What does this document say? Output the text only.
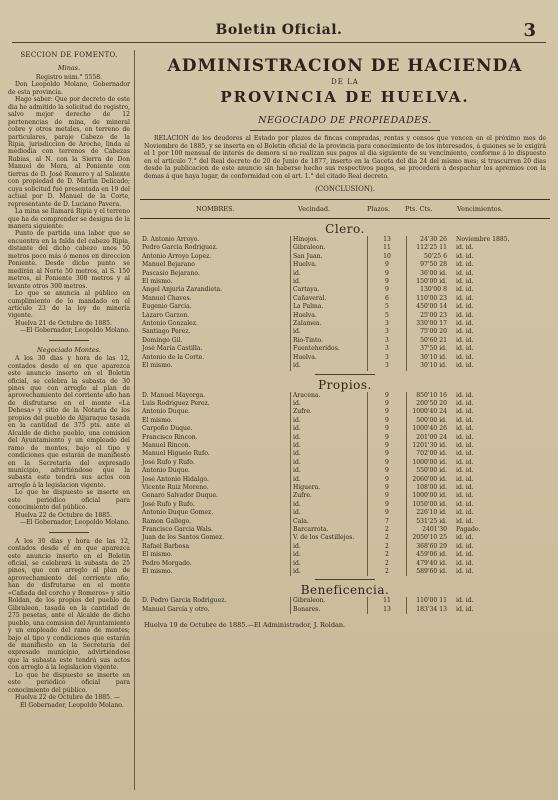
Boletin Oficial.	3
SECCION DE FOMENTO.

Minas.

Registro núm.° 5558.

Don Leopoldo Molano, Gobernador de esta provincia.

Hago saber: Que por decreto de este dia he admitido la solicitud de registro, salvo mejor derecho de 12 pertenencias de mina, de mineral cobre y otros metales, en terreno de particulares, paraje Cabezo de la Ripia, jurisdiccion de Aroche, linda al mediodia con terrenos de Cabezas Rubias, al N. con la Sierra de Don Manuel de Mora, al Poniente con tierras de D. José Romero y al Saliente con propiedad de D. Martin Delicado; cuya solicitud fué presentada en 19 del actual por D. Manuel de la Corte, representante de D. Luciano Pavera.

La mina se llamará Ripia y el terreno que ha de comprender se designa de la manera siguiente:

Punto de partida una labor que se encuentra en la falda del cabezo Ripia, distante del dicho cabezo unos 50 metros poco más ó menos en direccion Poniente. Desde dicho punto se medirán al Norte 50 metros, al S. 150 metros, al Poniente 300 metros y al levante otros 300 metros.

Lo que se anuncia al público en cumplimiento de lo mandado en el artículo 23 de la ley de minería vigente.

Huelva 21 de Octubre de 1885.

—El Gobernador, Leopoldo Molano.

Negociado Montes.

A los 30 dias y hora de las 12, contados desde el en que aparezca este anuncio inserto en el Boletin oficial, se celebra la subasta de 30 pinos que con arreglo al plan de aprovechamiento del corriente año han de disfrutarse en el monte «La Dehesa» y sitio de la Notaría de los propios del pueblo de Aljaraque tasada en la cantidad de 375 pts. ante el Alcalde de dicho pueblo, una comision del Ayuntamiento y un empleado del ramo de montes, bajo el tipo y condiciones que estarán de manifiesto en la Secretaría del expresado municipio, advirtiéndose que la subasta este tendrá sus actos con arreglo á la legislacion vigente.

Lo que he dispuesto se inserte en este periódico oficial para conocimiento del público.

Huelva 22 de Octubre de 1885.

—El Gobernador, Leopoldo Molano.

A los 30 dias y hora de las 12, contados desde el en que aparezca este anuncio inserto en el Boletin oficial, se celebrará la subasta de 25 pinos, que con arreglo al plan de aprovechamiento del corriente año, han de disfrutarse en el monte «Cañada del corcho y Romeros» y sitio Roldan, de los propios del pueblo de Gibraleon, tasada en la cantidad de 275 pesetas, ante el Alcalde de dicho pueblo, una comision del Ayuntamiento y un empleado del ramo de montes; bajo el tipo y condiciones que estarán de manifiesto en la Secretaría del expresado municipio, advirtiéndose que la subasta este tendrá sus actos con arreglo á la legislacion vigente.

Lo que he dispuesto se inserte en este periódico oficial para conocimiento del público.

Huelva 22 de Octubre de 1885. —

El Gobernador, Leopoldo Molano.

ADMINISTRACION DE HACIENDA
DE LA
PROVINCIA DE HUELVA.
NEGOCIADO DE PROPIEDADES.

RELACION de los deudores al Estado por plazos de fincas compradas, rentas y censos que vencen en el próximo mes de Noviembre de 1885, y se inserta en el Boletin oficial de la provincia para conocimiento de los interesados, á quienes se le exigirá el 1 por 100 mensual de interés de demora si no realizan sus pagos al dia siguiente de su vencimiento, conforme á lo dispuesto en el artículo 7.° del Real decreto de 20 de Junio de 1877, inserto en la Gaceta del dia 24 del mismo mes; si trascurren 20 dias desde la publicacion de este anuncio sin haberse hecho sus respectivos pagos, se procederá á despachar los apremios con la demas á que haya lugar, de conformidad con el art. 1.° del citado Real decreto.

(CONCLUSION).
NOMBRES.	Vecindad.	Plazos. Pts. Cts.	Vencimientos.
Clero.
D. Antonio Arroyo.	Hinojos.	13	24'30 26	Noviembre 1885.
Pedro García Rodriguez.	Gibraleon.	11	112'25 11	id. id.
Antonio Arroyo Lopez.	San Juan.	10	50'25 6	id. id.
Manuel Bejarano	Huelva.	9	97'50 28	id. id.
Pascasio Bejarano.	id.	9	36'00 id.	id. id.
El mismo.	id.	9	150'00 id.	id. id.
Angel Anjuria Zarandieta.	Cartaya.	9	130'00 8	id. id.
Manuel Chaves.	Cañaveral.	6	110'00 23	id. id.
Eugenio Garcia.	La Palma.	5	450'00 14	id. id.
Lázaro Garzon.	Huelva.	5	25'00 23	id. id.
Antonio Gonzalez.	Zalamea.	3	330'00 17	id. id.
Santiago Perez.	id.	3	75'00 20	id. id.
Domingo Gil.	Rio-Tinto.	3	50'60 21	id. id.
José María Castilla.	Fuenteheridos.	3	37'50 id.	id. id.
Antonio de la Corte.	Huelva.	3	30'10 id.	id. id.
El mismo.	id.	3	30'10 id.	id. id.
Propios.
D. Manuel Mayorga.	Aracena.	9	850'10 16	id. id.
Luis Rodriguez Perez.	id.	9	200'50 20	id. id.
Antonio Duque.	Zufre.	9	1000'40 24	id. id.
El mismo.	id.	9	500'00 id.	id. id.
Carpoño Duque.	id.	9	1000'40 26	id. id.
Francisco Rincon.	id.	9	201'00 24	id. id.
Manuel Rincon.	id.	9	1201'30 id.	id. id.
Manuel Higueio Rufo.	id.	9	702'00 id.	id. id.
José Rufo y Rufo.	id.	9	1000'00 id.	id. id.
Antonio Duque.	id.	9	550'00 id.	id. id.
José Antonio Hidalgo.	id.	9	2060'00 id.	id. id.
Vicente Ruiz Moreno.	Higuera.	9	108'00 id.	id. id.
Genaro Salvador Duque.	Zufre.	9	1000'00 id.	id. id.
José Rufo y Rufo.	id.	9	1050'00 id.	id. id.
Antonio Duque Gomez.	id.	9	226'10 id.	id. id.
Ramon Gallego.	Cala.	7	531'25 id.	id. id.
Francisco Garcia Wals.	Barcarrota.	2	2401'30	Pagado.
Juan de los Santos Gomez.	V. de los Castillejos.	2	2050'10 25	id. id.
Rafael Barbosa	id.	2	368'60 29	id. id.
El mismo.	id.	2	459'06 id.	id. id.
Pedro Morgado.	id.	2	479'40 id.	id. id.
El mismo.	id.	2	589'60 id.	id. id.
Beneficencia.
D. Pedro García Rodriguez.	Gibraleon.	11	110'00 11	id. id.
Manuel García y otro.	Bonares.	13	183'34 13	id. id.
Huelva 19 de Octubre de 1885.—El Administrador, J. Roldan.
